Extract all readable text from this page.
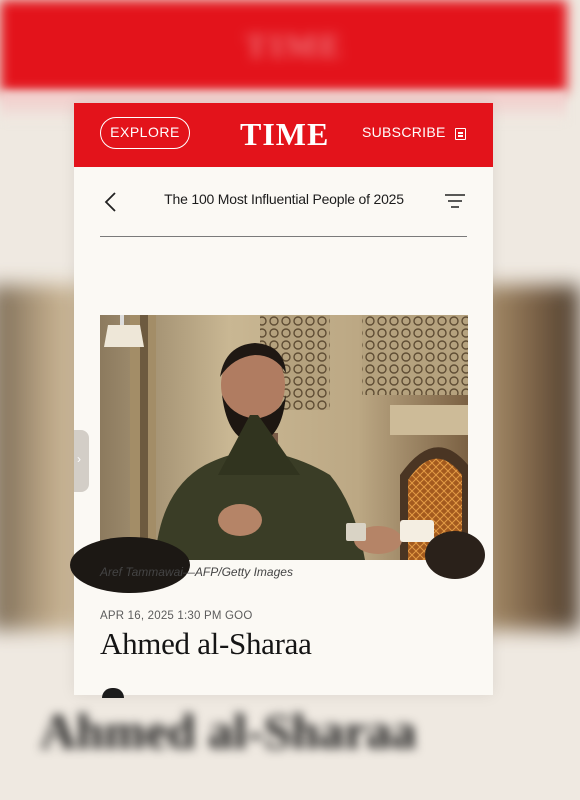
TIME
Ahmed al-Sharaa
EXPLORE	TIME SUBSCRIBE
The 100 Most Influential People of 2025
Aref Tammawai—AFP/Getty Images
APR 16, 2025 1:30 PM GOO
Ahmed al-Sharaa
›
